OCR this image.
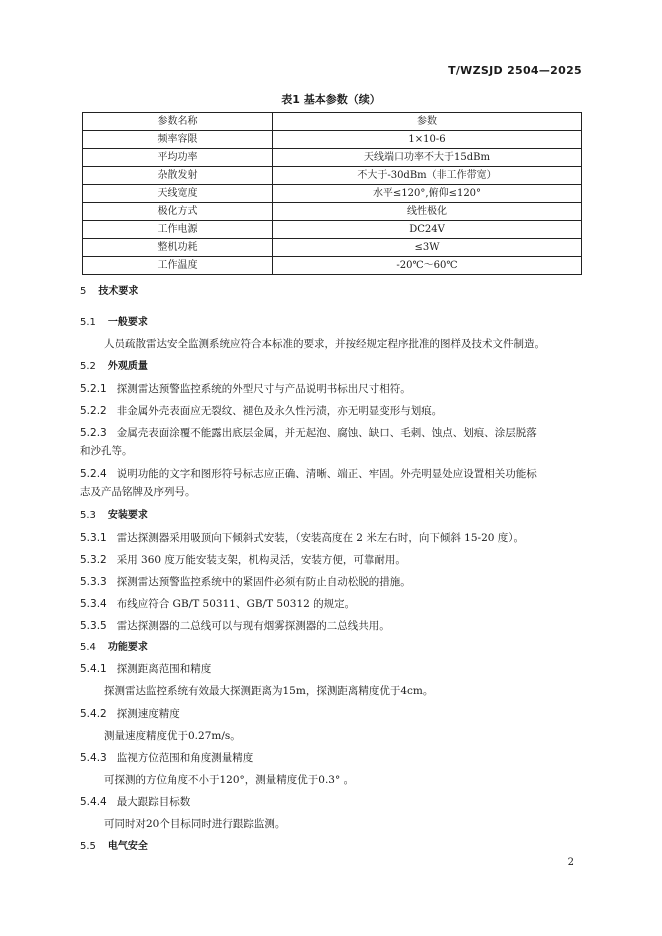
T/WZSJD 2504—2025
表1 基本参数（续）
参数名称	参数
频率容限	1×10-6
平均功率	天线端口功率不大于15dBm
杂散发射	不大于-30dBm（非工作带宽）
天线宽度	水平≤120°,俯仰≤120°
极化方式	线性极化
工作电源	DC24V
整机功耗	≤3W
工作温度	-20℃～60℃
5 技术要求
5.1 一般要求
人员疏散雷达安全监测系统应符合本标准的要求，并按经规定程序批准的图样及技术文件制造。
5.2 外观质量
5.2.1 探测雷达预警监控系统的外型尺寸与产品说明书标出尺寸相符。
5.2.2 非金属外壳表面应无裂纹、褪色及永久性污渍，亦无明显变形与划痕。
5.2.3 金属壳表面涂覆不能露出底层金属，并无起泡、腐蚀、缺口、毛刺、蚀点、划痕、涂层脱落
和沙孔等。
5.2.4 说明功能的文字和图形符号标志应正确、清晰、端正、牢固。外壳明显处应设置相关功能标
志及产品铭牌及序列号。
5.3 安装要求
5.3.1 雷达探测器采用吸顶向下倾斜式安装，（安装高度在 2 米左右时，向下倾斜 15-20 度）。
5.3.2 采用 360 度万能安装支架，机构灵活，安装方便，可靠耐用。
5.3.3 探测雷达预警监控系统中的紧固件必须有防止自动松脱的措施。
5.3.4 布线应符合 GB/T 50311、GB/T 50312 的规定。
5.3.5 雷达探测器的二总线可以与现有烟雾探测器的二总线共用。
5.4 功能要求
5.4.1 探测距离范围和精度
探测雷达监控系统有效最大探测距离为15m，探测距离精度优于4cm。
5.4.2 探测速度精度
测量速度精度优于0.27m/s。
5.4.3 监视方位范围和角度测量精度
可探测的方位角度不小于120°，测量精度优于0.3° 。
5.4.4 最大跟踪目标数
可同时对20个目标同时进行跟踪监测。
5.5 电气安全
2
